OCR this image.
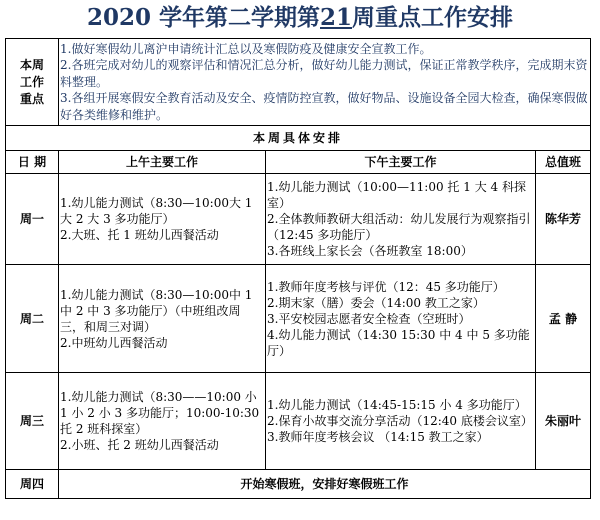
2020 学年第二学期第21周重点工作安排
本周
工作
重点	1.做好寒假幼儿离沪申请统计汇总以及寒假防疫及健康安全宣教工作。
2.各班完成对幼儿的观察评估和情况汇总分析，做好幼儿能力测试，保证正常教学秩序，完成期末资料整理。
3.各组开展寒假安全教育活动及安全、疫情防控宣教，做好物品、设施设备全园大检查，确保寒假做好各类维修和维护。		

本周具体安排			
日 期	上午主要工作	下午主要工作	总值班
周一	1.幼儿能力测试（8:30—10:00大 1 大 2 大 3 多功能厅）
2.大班、托 1 班幼儿西餐活动	1.幼儿能力测试（10:00—11:00 托 1 大 4 科探室）
2.全体教师教研大组活动：幼儿发展行为观察指引（12:45 多功能厅）
3.各班线上家长会（各班教室 18:00）	陈华芳
周二	1.幼儿能力测试（8:30—10:00中 1 中 2 中 3 多功能厅）（中班组改周三，和周三对调）
2.中班幼儿西餐活动	1.教师年度考核与评优（12：45 多功能厅）
2.期末家（膳）委会（14:00 教工之家）
3.平安校园志愿者安全检查（空班时）
4.幼儿能力测试（14:30 15:30 中 4 中 5 多功能厅）	孟 静
周三	1.幼儿能力测试（8:30——10:00 小 1 小 2 小 3 多功能厅；10:00-10:30 托 2 班科探室）
2.小班、托 2 班幼儿西餐活动	1.幼儿能力测试（14:45-15:15 小 4 多功能厅）
2.保育小故事交流分享活动（12:40 底楼会议室）
3.教师年度考核会议 （14:15 教工之家）	朱丽叶
周四	开始寒假班，安排好寒假班工作		
